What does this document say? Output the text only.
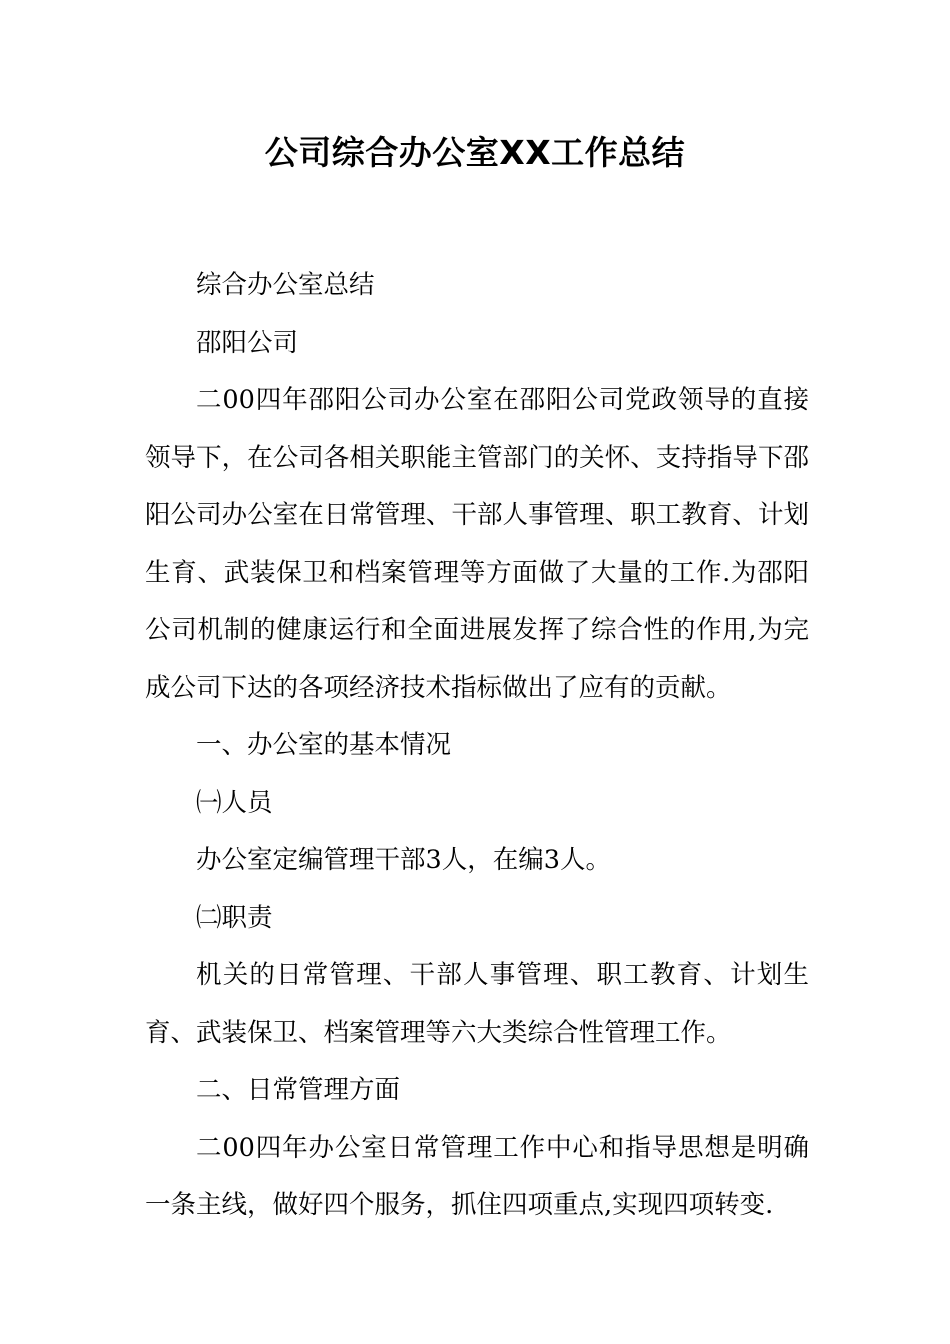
公司综合办公室XX工作总结

综合办公室总结

邵阳公司

二00四年邵阳公司办公室在邵阳公司党政领导的直接领导下，在公司各相关职能主管部门的关怀、支持指导下邵阳公司办公室在日常管理、干部人事管理、职工教育、计划生育、武装保卫和档案管理等方面做了大量的工作.为邵阳公司机制的健康运行和全面进展发挥了综合性的作用,为完成公司下达的各项经济技术指标做出了应有的贡献。

一、办公室的基本情况

㈠人员

办公室定编管理干部3人，在编3人。

㈡职责

机关的日常管理、干部人事管理、职工教育、计划生育、武装保卫、档案管理等六大类综合性管理工作。

二、日常管理方面

二00四年办公室日常管理工作中心和指导思想是明确一条主线，做好四个服务，抓住四项重点,实现四项转变.
